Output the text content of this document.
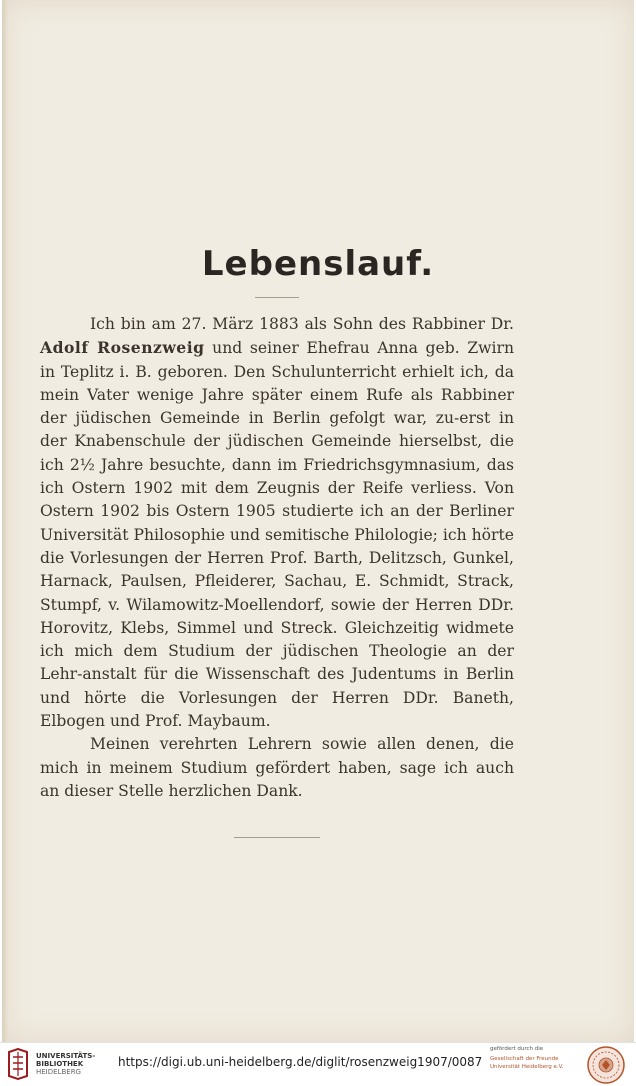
Lebenslauf.

Ich bin am 27. März 1883 als Sohn des Rabbiner Dr. Adolf Rosenzweig und seiner Ehefrau Anna geb. Zwirn in Teplitz i. B. geboren. Den Schulunterricht erhielt ich, da mein Vater wenige Jahre später einem Rufe als Rabbiner der jüdischen Gemeinde in Berlin gefolgt war, zu-erst in der Knabenschule der jüdischen Gemeinde hierselbst, die ich 2½ Jahre besuchte, dann im Friedrichsgymnasium, das ich Ostern 1902 mit dem Zeugnis der Reife verliess. Von Ostern 1902 bis Ostern 1905 studierte ich an der Berliner Universität Philosophie und semitische Philologie; ich hörte die Vorlesungen der Herren Prof. Barth, Delitzsch, Gunkel, Harnack, Paulsen, Pfleiderer, Sachau, E. Schmidt, Strack, Stumpf, v. Wilamowitz-Moellendorf, sowie der Herren DDr. Horovitz, Klebs, Simmel und Streck. Gleichzeitig widmete ich mich dem Studium der jüdischen Theologie an der Lehr-anstalt für die Wissenschaft des Judentums in Berlin und hörte die Vorlesungen der Herren DDr. Baneth, Elbogen und Prof. Maybaum.

Meinen verehrten Lehrern sowie allen denen, die mich in meinem Studium gefördert haben, sage ich auch an dieser Stelle herzlichen Dank.

UNIVERSITÄTS-
BIBLIOTHEK
HEIDELBERG
https://digi.ub.uni-heidelberg.de/diglit/rosenzweig1907/0087
gefördert durch die
Gesellschaft der Freunde
Universität Heidelberg e.V.
